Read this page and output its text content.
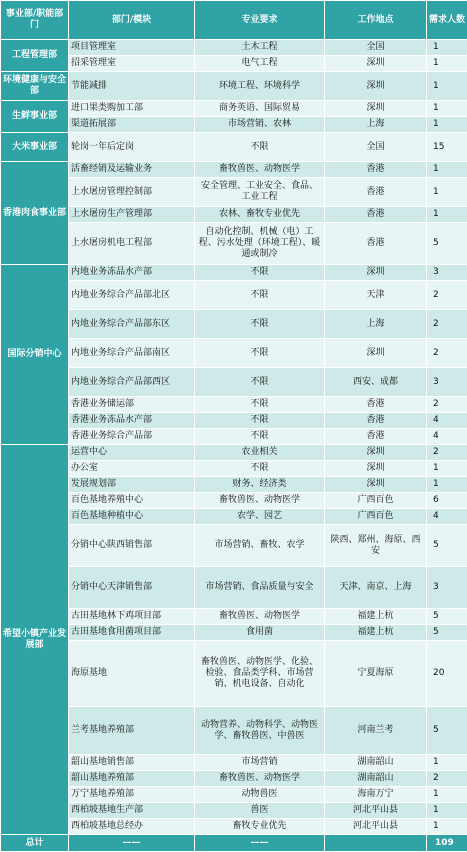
事业部/职能部门	部门/模块	专业要求	工作地点	需求人数
工程管理部	项目管理室	土木工程	全国	1
	招采管理室	电气工程	深圳	1
环境健康与安全部	节能减排	环境工程、环境科学	深圳	1
生鲜事业部	进口果类购加工部	商务英语、国际贸易	深圳	1
	渠道拓展部	市场营销、农林	上海	1
大米事业部	轮岗一年后定岗	不限	全国	15
香港肉食事业部	活畜经销及运输业务	畜牧兽医、动物医学	香港	1
	上水屠房管理控制部	安全管理、工业安全、食品、工业工程	香港	1
	上水屠房生产管理部	农林、畜牧专业优先	香港	1
	上水屠房机电工程部	自动化控制、机械（电）工程、污水处理（环境工程）、暖通或制冷	香港	5
国际分销中心	内地业务冻品水产部	不限	深圳	3
	内地业务综合产品部北区	不限	天津	2
	内地业务综合产品部东区	不限	上海	2
	内地业务综合产品部南区	不限	深圳	2
	内地业务综合产品部西区	不限	西安、成都	3
	香港业务储运部	不限	香港	2
	香港业务冻品水产部	不限	香港	4
	香港业务综合产品部	不限	香港	4
希望小镇产业发展部	运营中心	农业相关	深圳	2
	办公室	不限	深圳	1
	发展规划部	财务、经济类	深圳	1
	百色基地养殖中心	畜牧兽医、动物医学	广西百色	6
	百色基地种植中心	农学、园艺	广西百色	4
	分销中心陕西销售部	市场营销、畜牧、农学	陕西、郑州、海原、西安	5
	分销中心天津销售部	市场营销、食品质量与安全	天津、南京、上海	3
	古田基地林下鸡项目部	畜牧兽医、动物医学	福建上杭	5
	古田基地食用菌项目部	食用菌	福建上杭	5
	海原基地	畜牧兽医、动物医学、化验、检验、食品类学科、市场营销、机电设备、自动化	宁夏海原	20
	兰考基地养殖部	动物营养、动物科学、动物医学、畜牧兽医、中兽医	河南兰考	5
	韶山基地销售部	市场营销	湖南韶山	1
	韶山基地养殖部	畜牧兽医、动物医学	湖南韶山	2
	万宁基地养殖部	动物兽医	海南万宁	1
	西柏坡基地生产部	兽医	河北平山县	1
	西柏坡基地总经办	畜牧专业优先	河北平山县	1
总计	——	——		109
